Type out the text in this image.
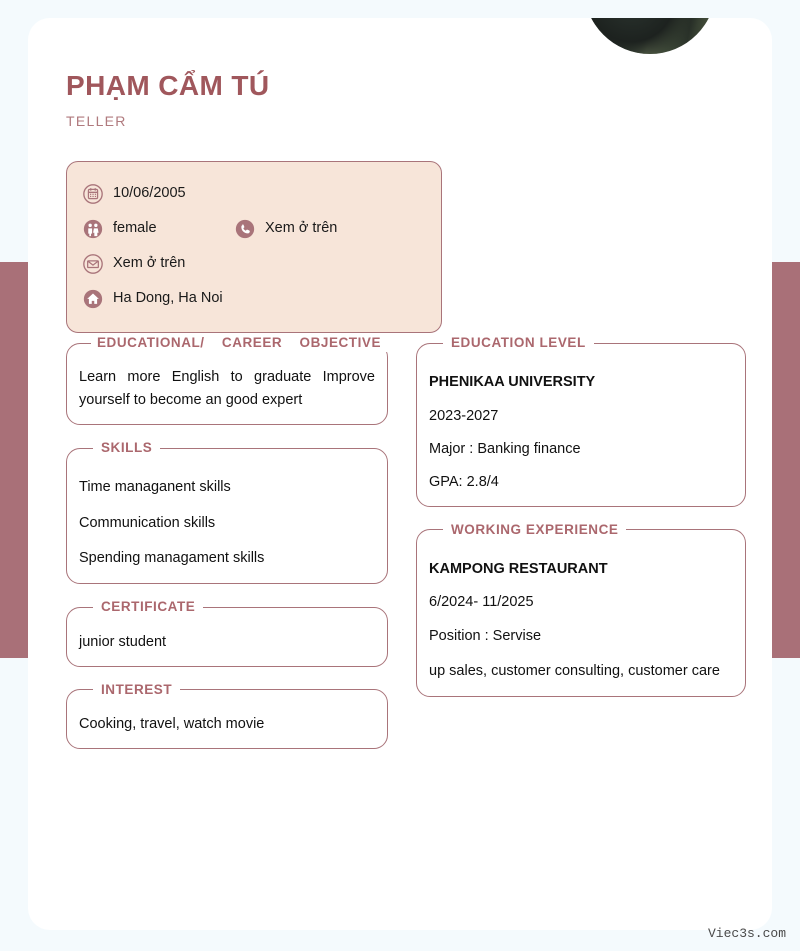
PHẠM CẨM TÚ

TELLER

10/06/2005
female	Xem ở trên
Xem ở trên
Ha Dong, Ha Noi
EDUCATIONAL/ CAREER OBJECTIVE

Learn more English to graduate Improve yourself to become an good expert

SKILLS

Time managanent skills

Communication skills

Spending managament skills

CERTIFICATE

junior student

INTEREST

Cooking, travel, watch movie

EDUCATION LEVEL

PHENIKAA UNIVERSITY

2023-2027

Major : Banking finance

GPA: 2.8/4

WORKING EXPERIENCE

KAMPONG RESTAURANT

6/2024- 11/2025

Position : Servise

up sales, customer consulting, customer care

Viec3s.com
